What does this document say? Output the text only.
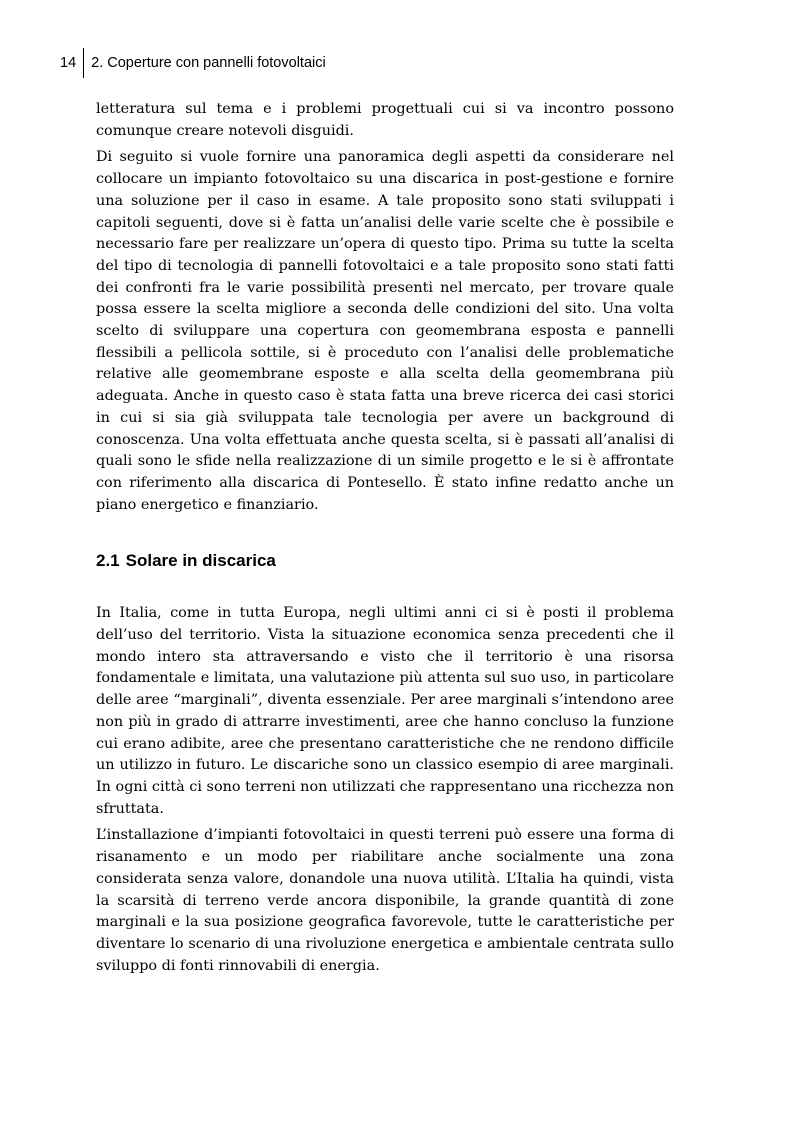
14	2. Coperture con pannelli fotovoltaici

letteratura sul tema e i problemi progettuali cui si va incontro possono comunque creare notevoli disguidi.

Di seguito si vuole fornire una panoramica degli aspetti da considerare nel collocare un impianto fotovoltaico su una discarica in post-gestione e fornire una soluzione per il caso in esame. A tale proposito sono stati sviluppati i capitoli seguenti, dove si è fatta un’analisi delle varie scelte che è possibile e necessario fare per realizzare un’opera di questo tipo. Prima su tutte la scelta del tipo di tecnologia di pannelli fotovoltaici e a tale proposito sono stati fatti dei confronti fra le varie possibilità presenti nel mercato, per trovare quale possa essere la scelta migliore a seconda delle condizioni del sito. Una volta scelto di sviluppare una copertura con geomembrana esposta e pannelli flessibili a pellicola sottile, si è proceduto con l’analisi delle problematiche relative alle geomembrane esposte e alla scelta della geomembrana più adeguata. Anche in questo caso è stata fatta una breve ricerca dei casi storici in cui si sia già sviluppata tale tecnologia per avere un background di conoscenza. Una volta effettuata anche questa scelta, si è passati all’analisi di quali sono le sfide nella realizzazione di un simile progetto e le si è affrontate con riferimento alla discarica di Pontesello. È stato infine redatto anche un piano energetico e finanziario.

2.1 Solare in discarica

In Italia, come in tutta Europa, negli ultimi anni ci si è posti il problema dell’uso del territorio. Vista la situazione economica senza precedenti che il mondo intero sta attraversando e visto che il territorio è una risorsa fondamentale e limitata, una valutazione più attenta sul suo uso, in particolare delle aree “marginali”, diventa essenziale. Per aree marginali s’intendono aree non più in grado di attrarre investimenti, aree che hanno concluso la funzione cui erano adibite, aree che presentano caratteristiche che ne rendono difficile un utilizzo in futuro. Le discariche sono un classico esempio di aree marginali. In ogni città ci sono terreni non utilizzati che rappresentano una ricchezza non sfruttata.

L’installazione d’impianti fotovoltaici in questi terreni può essere una forma di risanamento e un modo per riabilitare anche socialmente una zona considerata senza valore, donandole una nuova utilità. L’Italia ha quindi, vista la scarsità di terreno verde ancora disponibile, la grande quantità di zone marginali e la sua posizione geografica favorevole, tutte le caratteristiche per diventare lo scenario di una rivoluzione energetica e ambientale centrata sullo sviluppo di fonti rinnovabili di energia.
